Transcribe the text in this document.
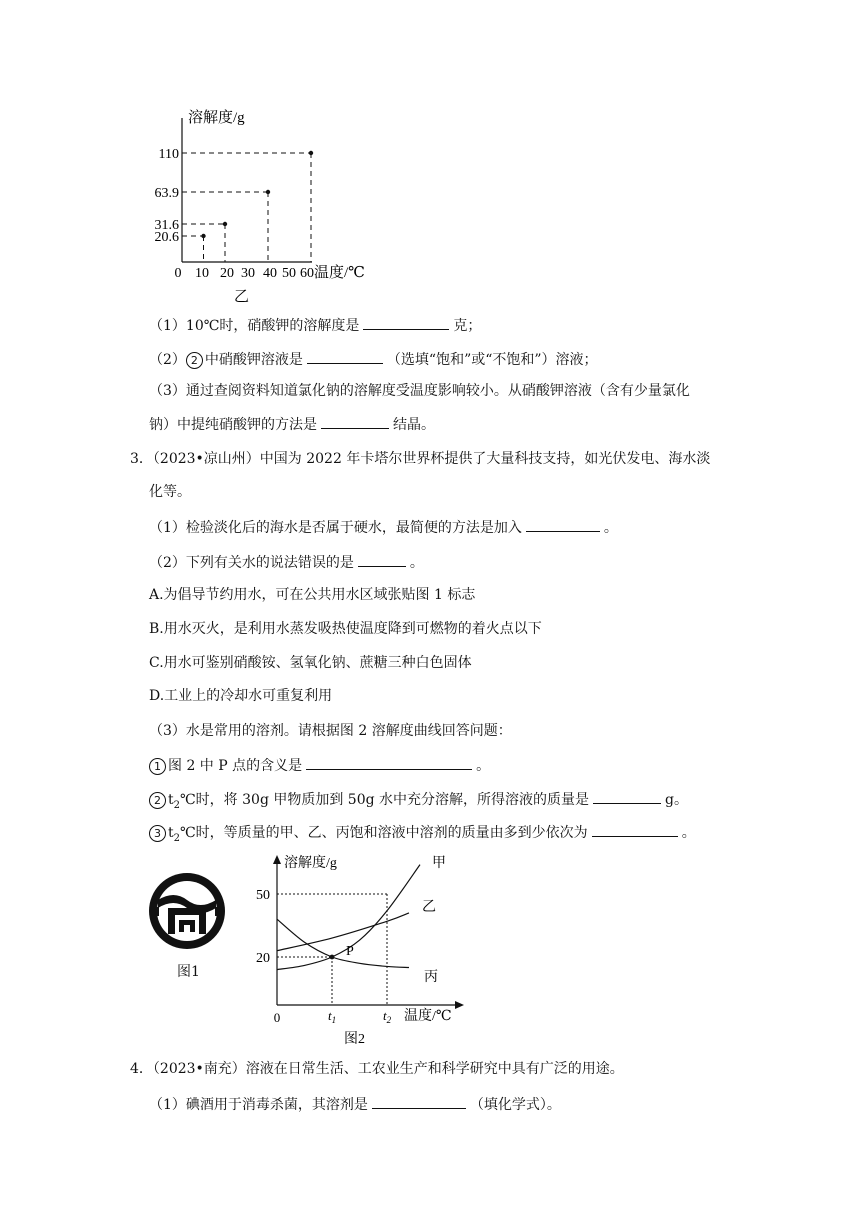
20.6
31.6
63.9
110
0 10 20 30 40 50 60
溶解度/g
温度/℃
乙
（1）10℃时，硝酸钾的溶解度是	克；
（2） 2 中硝酸钾溶液是	（选填“饱和”或“不饱和”）溶液；
（3）通过查阅资料知道氯化钠的溶解度受温度影响较小。从硝酸钾溶液（含有少量氯化
钠）中提纯硝酸钾的方法是	结晶。
3．（2023•凉山州）中国为 2022 年卡塔尔世界杯提供了大量科技支持，如光伏发电、海水淡
化等。
（1）检验淡化后的海水是否属于硬水，最简便的方法是加入	。
（2）下列有关水的说法错误的是	。
A.为倡导节约用水，可在公共用水区域张贴图 1 标志
B.用水灭火，是利用水蒸发吸热使温度降到可燃物的着火点以下
C.用水可鉴别硝酸铵、氢氧化钠、蔗糖三种白色固体
D.工业上的冷却水可重复利用
（3）水是常用的溶剂。请根据图 2 溶解度曲线回答问题：
1 图 2 中 P 点的含义是	。
2 $t_2℃$时，将 30g 甲物质加到 50g 水中充分溶解，所得溶液的质量是	g。
3 $t_2℃$时，等质量的甲、乙、丙饱和溶液中溶剂的质量由多到少依次为	。
图1
20
50
0	$t_1$	$t_2$
甲
乙
丙
P
溶解度/g
温度/℃
图2
4．（2023•南充）溶液在日常生活、工农业生产和科学研究中具有广泛的用途。
（1）碘酒用于消毒杀菌，其溶剂是	（填化学式）。
